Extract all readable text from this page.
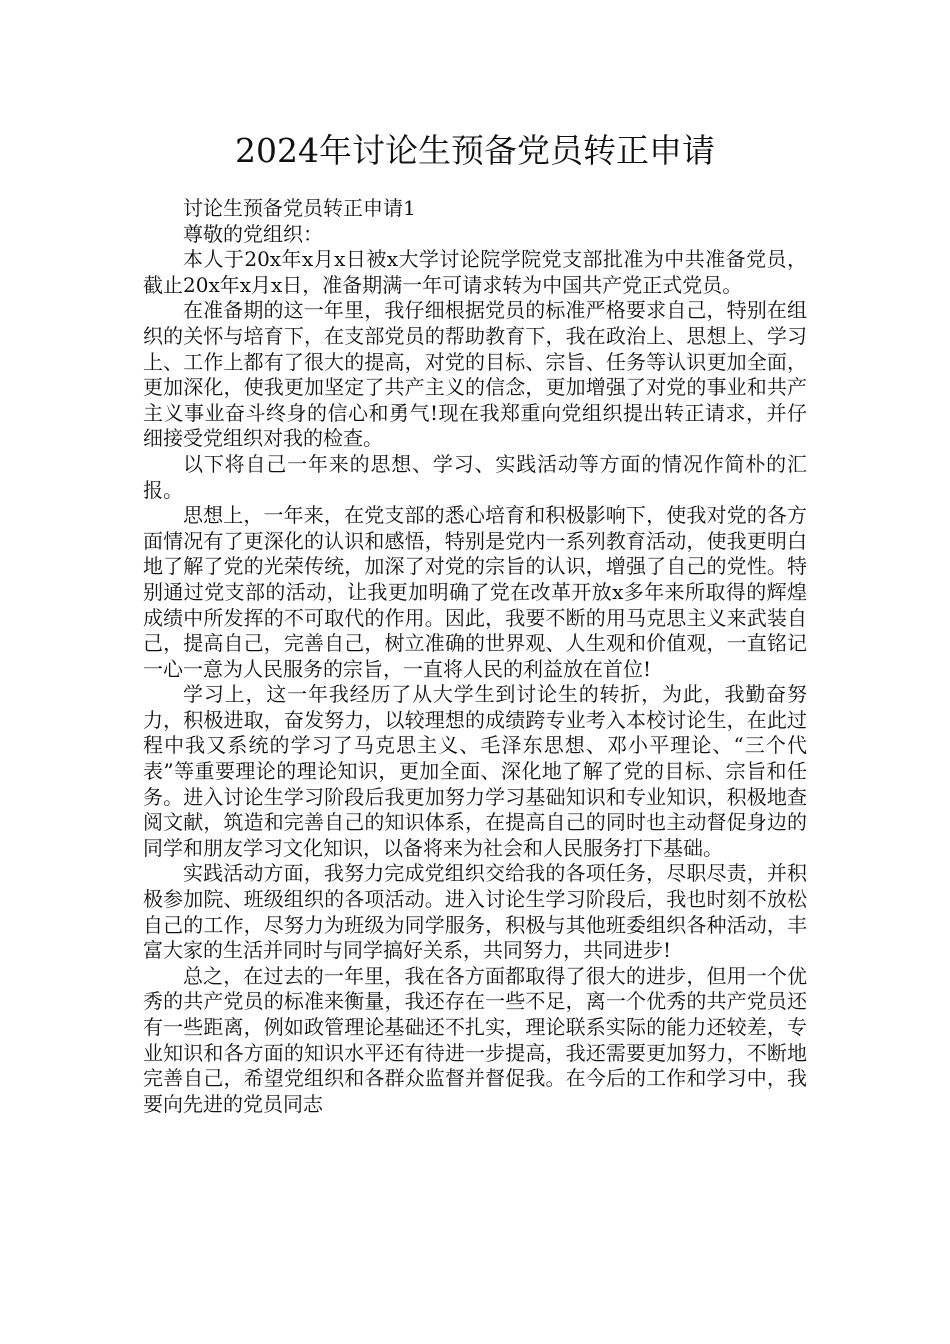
2024年讨论生预备党员转正申请

讨论生预备党员转正申请1

尊敬的党组织：

本人于20x年x月x日被x大学讨论院学院党支部批准为中共准备党员，截止20x年x月x日，准备期满一年可请求转为中国共产党正式党员。

在准备期的这一年里，我仔细根据党员的标准严格要求自己，特别在组织的关怀与培育下，在支部党员的帮助教育下，我在政治上、思想上、学习上、工作上都有了很大的提高，对党的目标、宗旨、任务等认识更加全面，更加深化，使我更加坚定了共产主义的信念，更加增强了对党的事业和共产主义事业奋斗终身的信心和勇气!现在我郑重向党组织提出转正请求，并仔细接受党组织对我的检查。

以下将自己一年来的思想、学习、实践活动等方面的情况作简朴的汇报。

思想上，一年来，在党支部的悉心培育和积极影响下，使我对党的各方面情况有了更深化的认识和感悟，特别是党内一系列教育活动，使我更明白地了解了党的光荣传统，加深了对党的宗旨的认识，增强了自己的党性。特别通过党支部的活动，让我更加明确了党在改革开放x多年来所取得的辉煌成绩中所发挥的不可取代的作用。因此，我要不断的用马克思主义来武装自己，提高自己，完善自己，树立准确的世界观、人生观和价值观，一直铭记一心一意为人民服务的宗旨，一直将人民的利益放在首位!

学习上，这一年我经历了从大学生到讨论生的转折，为此，我勤奋努力，积极进取，奋发努力，以较理想的成绩跨专业考入本校讨论生，在此过程中我又系统的学习了马克思主义、毛泽东思想、邓小平理论、“三个代表”等重要理论的理论知识，更加全面、深化地了解了党的目标、宗旨和任务。进入讨论生学习阶段后我更加努力学习基础知识和专业知识，积极地查阅文献，筑造和完善自己的知识体系，在提高自己的同时也主动督促身边的同学和朋友学习文化知识，以备将来为社会和人民服务打下基础。

实践活动方面，我努力完成党组织交给我的各项任务，尽职尽责，并积极参加院、班级组织的各项活动。进入讨论生学习阶段后，我也时刻不放松自己的工作，尽努力为班级为同学服务，积极与其他班委组织各种活动，丰富大家的生活并同时与同学搞好关系，共同努力，共同进步!

总之，在过去的一年里，我在各方面都取得了很大的进步，但用一个优秀的共产党员的标准来衡量，我还存在一些不足，离一个优秀的共产党员还有一些距离，例如政管理论基础还不扎实，理论联系实际的能力还较差，专业知识和各方面的知识水平还有待进一步提高，我还需要更加努力，不断地完善自己，希望党组织和各群众监督并督促我。在今后的工作和学习中，我要向先进的党员同志
